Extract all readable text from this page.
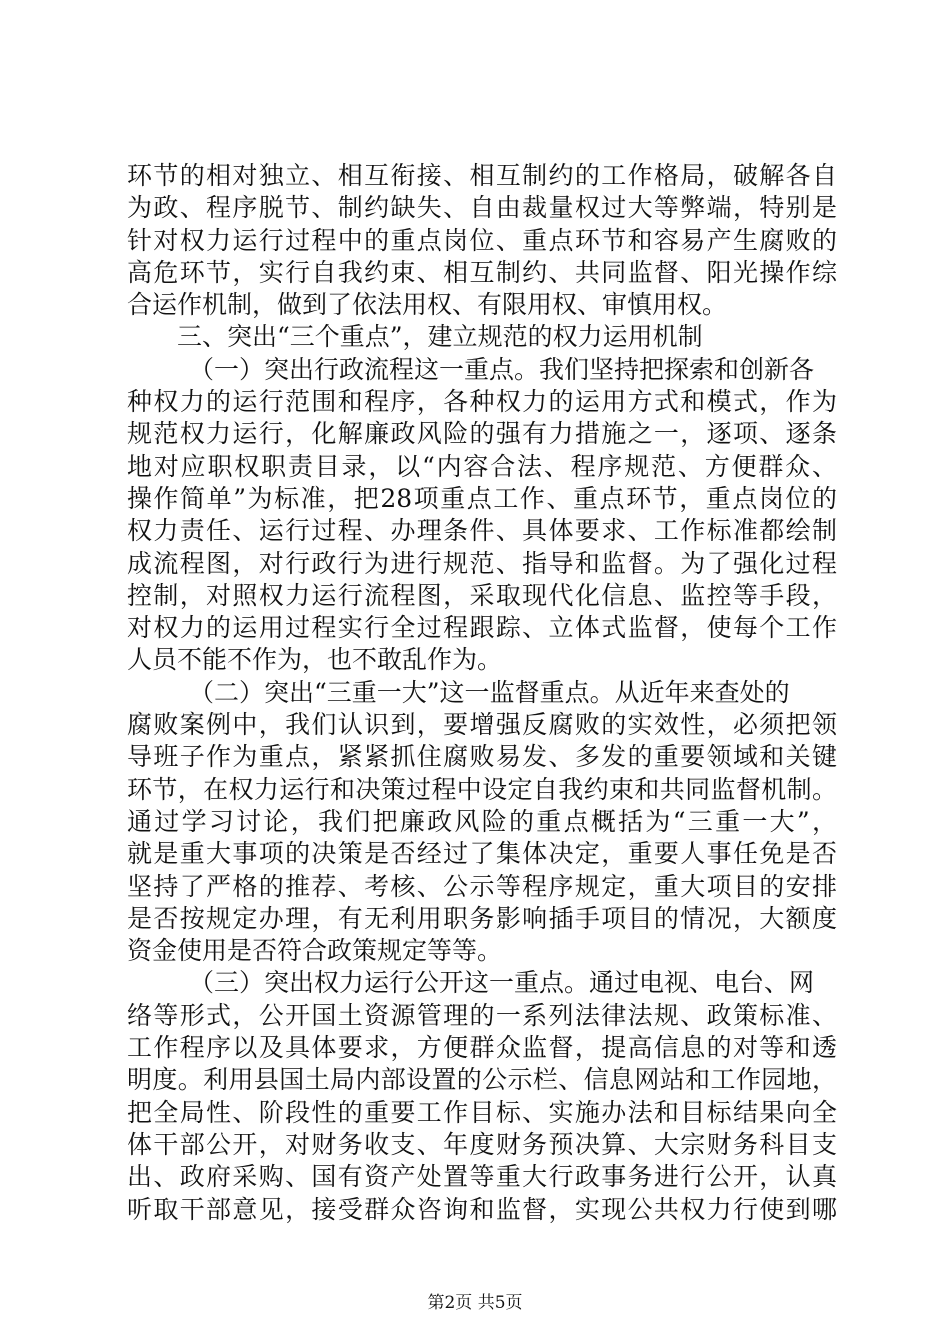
环节的相对独立、相互衔接、相互制约的工作格局，破解各自
为政、程序脱节、制约缺失、自由裁量权过大等弊端，特别是
针对权力运行过程中的重点岗位、重点环节和容易产生腐败的
高危环节，实行自我约束、相互制约、共同监督、阳光操作综
合运作机制，做到了依法用权、有限用权、审慎用权。
三、突出“三个重点”，建立规范的权力运用机制
（一）突出行政流程这一重点。我们坚持把探索和创新各
种权力的运行范围和程序，各种权力的运用方式和模式，作为
规范权力运行，化解廉政风险的强有力措施之一，逐项、逐条
地对应职权职责目录，以“内容合法、程序规范、方便群众、
操作简单”为标准，把28项重点工作、重点环节，重点岗位的
权力责任、运行过程、办理条件、具体要求、工作标准都绘制
成流程图，对行政行为进行规范、指导和监督。为了强化过程
控制，对照权力运行流程图，采取现代化信息、监控等手段，
对权力的运用过程实行全过程跟踪、立体式监督，使每个工作
人员不能不作为，也不敢乱作为。
（二）突出“三重一大”这一监督重点。从近年来查处的
腐败案例中，我们认识到，要增强反腐败的实效性，必须把领
导班子作为重点，紧紧抓住腐败易发、多发的重要领域和关键
环节，在权力运行和决策过程中设定自我约束和共同监督机制。
通过学习讨论，我们把廉政风险的重点概括为“三重一大”，
就是重大事项的决策是否经过了集体决定，重要人事任免是否
坚持了严格的推荐、考核、公示等程序规定，重大项目的安排
是否按规定办理，有无利用职务影响插手项目的情况，大额度
资金使用是否符合政策规定等等。
（三）突出权力运行公开这一重点。通过电视、电台、网
络等形式，公开国土资源管理的一系列法律法规、政策标准、
工作程序以及具体要求，方便群众监督，提高信息的对等和透
明度。利用县国土局内部设置的公示栏、信息网站和工作园地，
把全局性、阶段性的重要工作目标、实施办法和目标结果向全
体干部公开，对财务收支、年度财务预决算、大宗财务科目支
出、政府采购、国有资产处置等重大行政事务进行公开，认真
听取干部意见，接受群众咨询和监督，实现公共权力行使到哪
第2页 共5页
